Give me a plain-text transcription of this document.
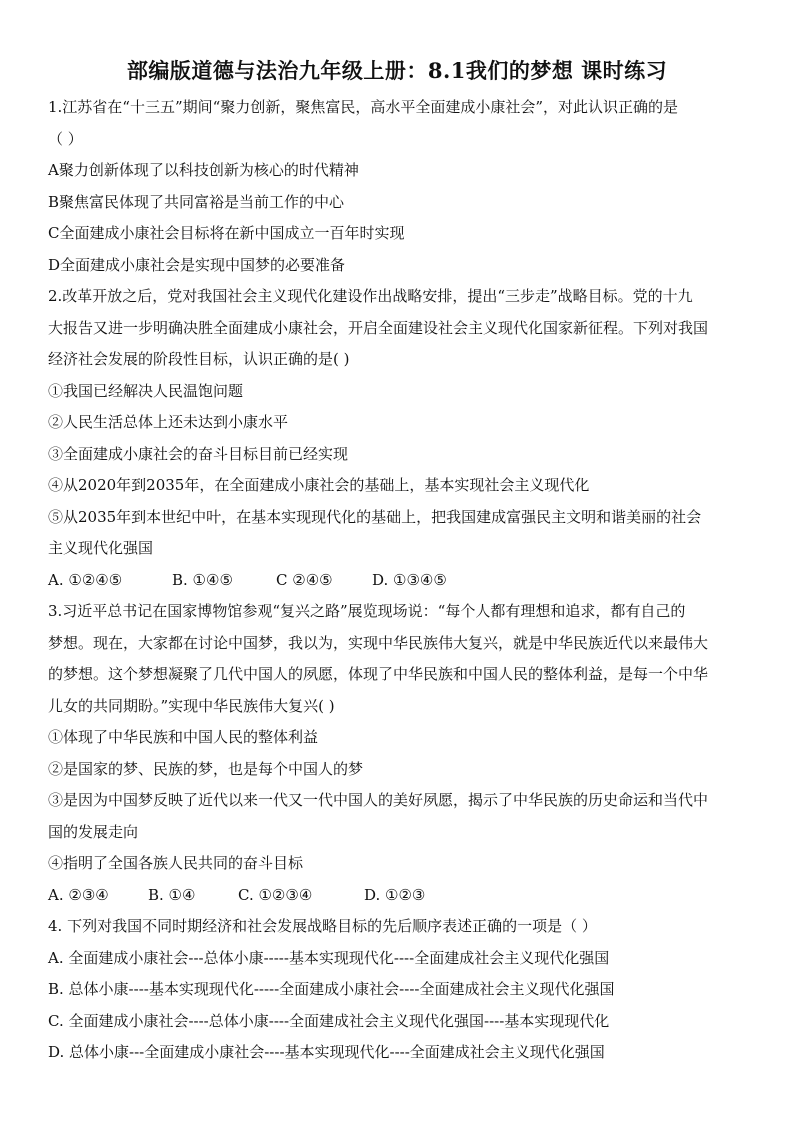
部编版道德与法治九年级上册：8.1我们的梦想 课时练习

1.江苏省在“十三五”期间“聚力创新，聚焦富民，高水平全面建成小康社会”，对此认识正确的是

（ ）

A聚力创新体现了以科技创新为核心的时代精神

B聚焦富民体现了共同富裕是当前工作的中心

C全面建成小康社会目标将在新中国成立一百年时实现

D全面建成小康社会是实现中国梦的必要准备

2.改革开放之后，党对我国社会主义现代化建设作出战略安排，提出“三步走”战略目标。党的十九

大报告又进一步明确决胜全面建成小康社会，开启全面建设社会主义现代化国家新征程。下列对我国

经济社会发展的阶段性目标，认识正确的是( )

①我国已经解决人民温饱问题

②人民生活总体上还未达到小康水平

③全面建成小康社会的奋斗目标目前已经实现

④从2020年到2035年，在全面建成小康社会的基础上，基本实现社会主义现代化

⑤从2035年到本世纪中叶，在基本实现现代化的基础上，把我国建成富强民主文明和谐美丽的社会

主义现代化强国

A. ①②④⑤	B. ①④⑤	C ②④⑤	D. ①③④⑤

3.习近平总书记在国家博物馆参观“复兴之路”展览现场说：“每个人都有理想和追求，都有自己的

梦想。现在，大家都在讨论中国梦，我以为，实现中华民族伟大复兴，就是中华民族近代以来最伟大

的梦想。这个梦想凝聚了几代中国人的夙愿，体现了中华民族和中国人民的整体利益，是每一个中华

儿女的共同期盼。”实现中华民族伟大复兴( )

①体现了中华民族和中国人民的整体利益

②是国家的梦、民族的梦，也是每个中国人的梦

③是因为中国梦反映了近代以来一代又一代中国人的美好夙愿，揭示了中华民族的历史命运和当代中

国的发展走向

④指明了全国各族人民共同的奋斗目标

A. ②③④	B. ①④	C. ①②③④	D. ①②③

4. 下列对我国不同时期经济和社会发展战略目标的先后顺序表述正确的一项是（ ）

A. 全面建成小康社会---总体小康-----基本实现现代化----全面建成社会主义现代化强国

B. 总体小康----基本实现现代化-----全面建成小康社会----全面建成社会主义现代化强国

C. 全面建成小康社会----总体小康----全面建成社会主义现代化强国----基本实现现代化

D. 总体小康---全面建成小康社会----基本实现现代化----全面建成社会主义现代化强国
